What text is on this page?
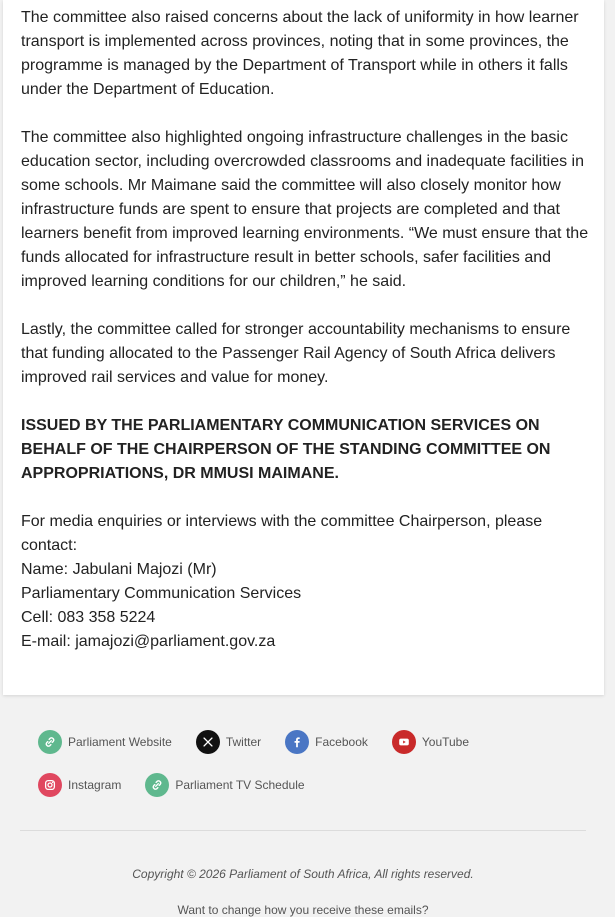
The committee also raised concerns about the lack of uniformity in how learner transport is implemented across provinces, noting that in some provinces, the programme is managed by the Department of Transport while in others it falls under the Department of Education.

The committee also highlighted ongoing infrastructure challenges in the basic education sector, including overcrowded classrooms and inadequate facilities in some schools. Mr Maimane said the committee will also closely monitor how infrastructure funds are spent to ensure that projects are completed and that learners benefit from improved learning environments. “We must ensure that the funds allocated for infrastructure result in better schools, safer facilities and improved learning conditions for our children,” he said.

Lastly, the committee called for stronger accountability mechanisms to ensure that funding allocated to the Passenger Rail Agency of South Africa delivers improved rail services and value for money.

ISSUED BY THE PARLIAMENTARY COMMUNICATION SERVICES ON BEHALF OF THE CHAIRPERSON OF THE STANDING COMMITTEE ON APPROPRIATIONS, DR MMUSI MAIMANE.

For media enquiries or interviews with the committee Chairperson, please contact:
Name: Jabulani Majozi (Mr)
Parliamentary Communication Services
Cell: 083 358 5224
E-mail: jamajozi@parliament.gov.za

Parliament Website	Twitter	Facebook	YouTube
Instagram	Parliament TV Schedule
Copyright © 2026 Parliament of South Africa, All rights reserved.
Want to change how you receive these emails?
